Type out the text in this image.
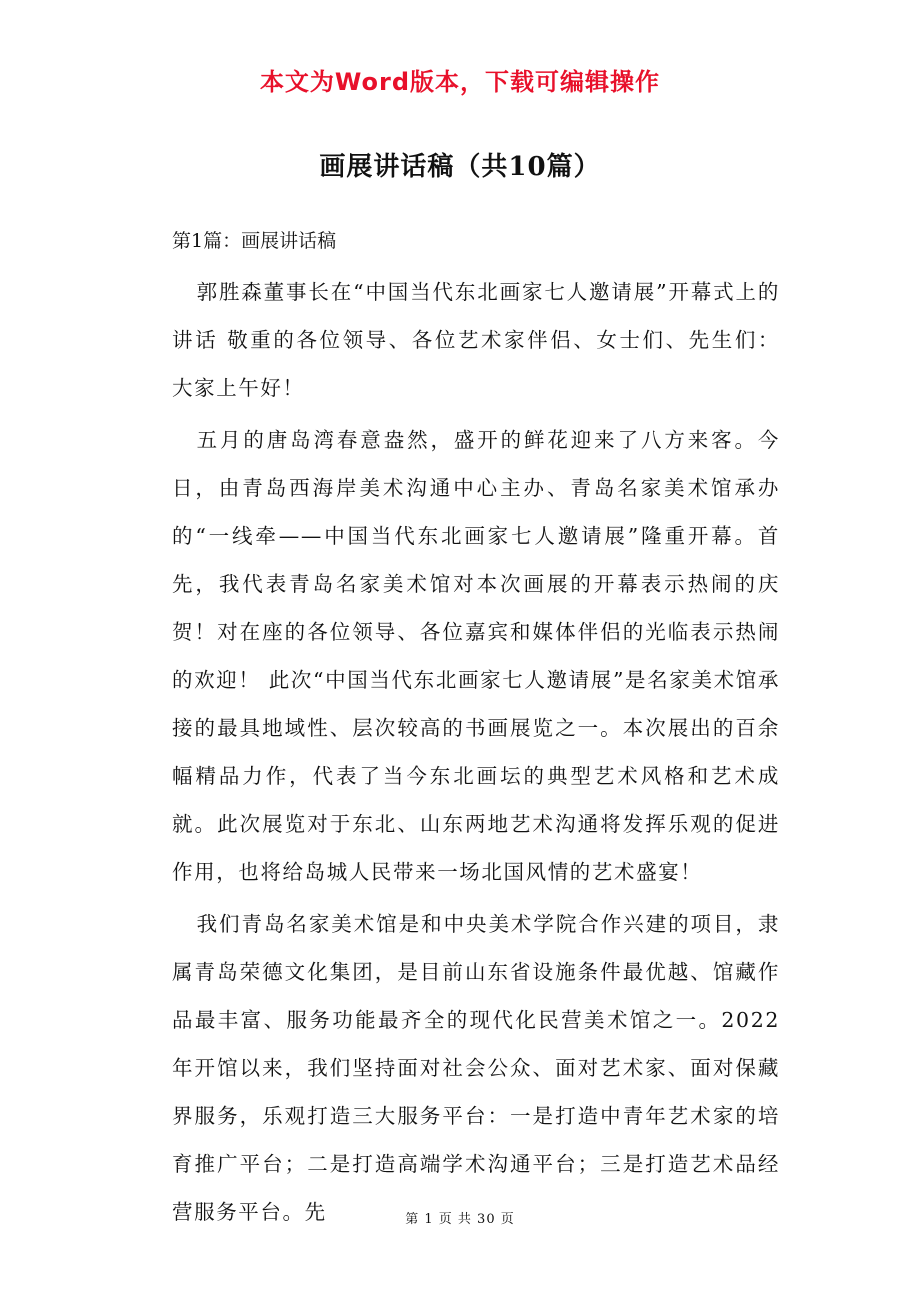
本文为Word版本，下载可编辑操作
画展讲话稿（共10篇）
第1篇：画展讲话稿

郭胜森董事长在“中国当代东北画家七人邀请展”开幕式上的讲话 敬重的各位领导、各位艺术家伴侣、女士们、先生们： 大家上午好！

五月的唐岛湾春意盎然，盛开的鲜花迎来了八方来客。今日，由青岛西海岸美术沟通中心主办、青岛名家美术馆承办的“一线牵——中国当代东北画家七人邀请展”隆重开幕。首先，我代表青岛名家美术馆对本次画展的开幕表示热闹的庆贺！对在座的各位领导、各位嘉宾和媒体伴侣的光临表示热闹的欢迎！ 此次“中国当代东北画家七人邀请展”是名家美术馆承接的最具地域性、层次较高的书画展览之一。本次展出的百余幅精品力作，代表了当今东北画坛的典型艺术风格和艺术成就。此次展览对于东北、山东两地艺术沟通将发挥乐观的促进作用，也将给岛城人民带来一场北国风情的艺术盛宴！

我们青岛名家美术馆是和中央美术学院合作兴建的项目，隶属青岛荣德文化集团，是目前山东省设施条件最优越、馆藏作品最丰富、服务功能最齐全的现代化民营美术馆之一。2022年开馆以来，我们坚持面对社会公众、面对艺术家、面对保藏界服务，乐观打造三大服务平台：一是打造中青年艺术家的培育推广平台；二是打造高端学术沟通平台；三是打造艺术品经营服务平台。先	第 1 页 共 30 页
